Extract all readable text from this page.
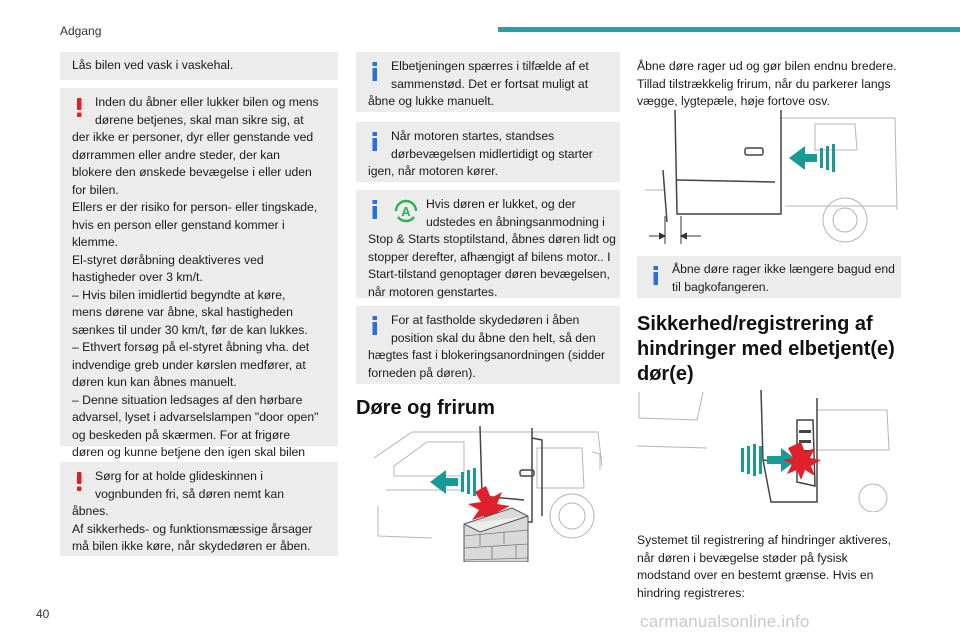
Adgang
Lås bilen ved vask i vaskehal.
Inden du åbner eller lukker bilen og mens
dørene betjenes, skal man sikre sig, at
der ikke er personer, dyr eller genstande ved
dørrammen eller andre steder, der kan
blokere den ønskede bevægelse i eller uden
for bilen.
Ellers er der risiko for person- eller tingskade,
hvis en person eller genstand kommer i
klemme.
El-styret døråbning deaktiveres ved
hastigheder over 3 km/t.
– Hvis bilen imidlertid begyndte at køre,
mens dørene var åbne, skal hastigheden
sænkes til under 30 km/t, før de kan lukkes.
– Ethvert forsøg på el-styret åbning vha. det
indvendige greb under kørslen medfører, at
døren kun kan åbnes manuelt.
– Denne situation ledsages af den hørbare
advarsel, lyset i advarselslampen "door open"
og beskeden på skærmen. For at frigøre
døren og kunne betjene den igen skal bilen
Sørg for at holde glideskinnen i
vognbunden fri, så døren nemt kan
åbnes.
Af sikkerheds- og funktionsmæssige årsager
må bilen ikke køre, når skydedøren er åben.
Elbetjeningen spærres i tilfælde af et
sammenstød. Det er fortsat muligt at
åbne og lukke manuelt.
Når motoren startes, standses
dørbevægelsen midlertidigt og starter
igen, når motoren kører.
A	Hvis døren er lukket, og der
udstedes en åbningsanmodning i
Stop & Starts stoptilstand, åbnes døren lidt og
stopper derefter, afhængigt af bilens motor.. I
Start-tilstand genoptager døren bevægelsen,
når motoren genstartes.
For at fastholde skydedøren i åben
position skal du åbne den helt, så den
hægtes fast i blokeringsanordningen (sidder
forneden på døren).
Døre og frirum
Åbne døre rager ud og gør bilen endnu bredere.
Tillad tilstrækkelig frirum, når du parkerer langs
vægge, lygtepæle, høje fortove osv.
Åbne døre rager ikke længere bagud end
til bagkofangeren.
Sikkerhed/registrering af
hindringer med elbetjent(e)
dør(e)
Systemet til registrering af hindringer aktiveres,
når døren i bevægelse støder på fysisk
modstand over en bestemt grænse. Hvis en
hindring registreres:
40	carmanualsonline.info
